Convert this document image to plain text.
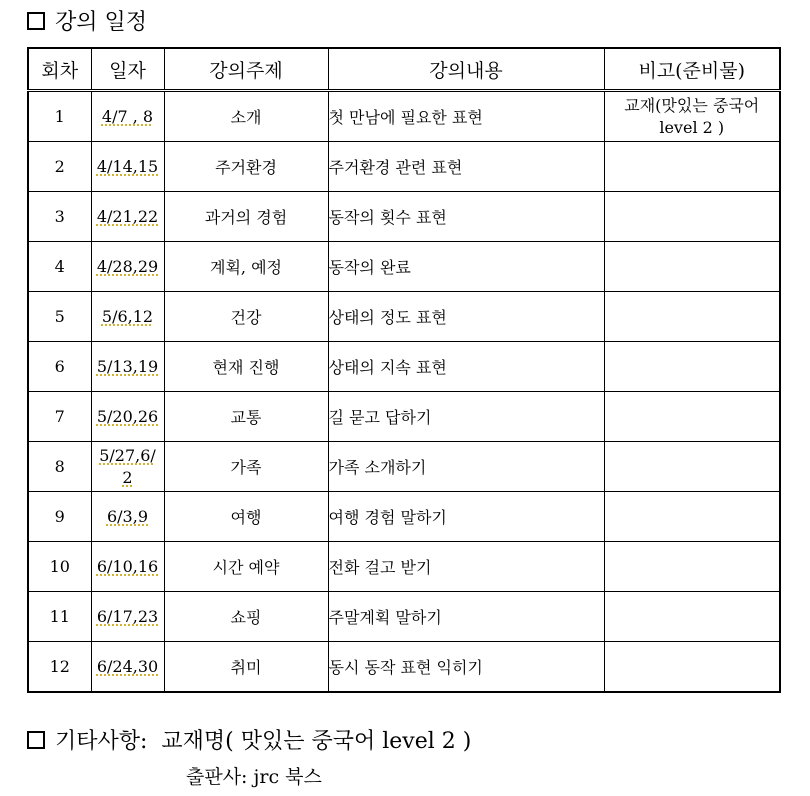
강의 일정
회차	일자	강의주제	강의내용	비고(준비물)
1	4/7 , 8	소개	첫 만남에 필요한 표현	교재(맛있는 중국어 level 2 )
2	4/14,15	주거환경	주거환경 관련 표현	
3	4/21,22	과거의 경험	동작의 횟수 표현	
4	4/28,29	계획, 예정	동작의 완료	
5	5/6,12	건강	상태의 정도 표현	
6	5/13,19	현재 진행	상태의 지속 표현	
7	5/20,26	교통	길 묻고 답하기	
8	5/27,6/2	가족	가족 소개하기	
9	6/3,9	여행	여행 경험 말하기	
10	6/10,16	시간 예약	전화 걸고 받기	
11	6/17,23	쇼핑	주말계획 말하기	
12	6/24,30	취미	동시 동작 표현 익히기	
기타사항:
교재명( 맛있는 중국어 level 2 )
출판사: jrc 북스
